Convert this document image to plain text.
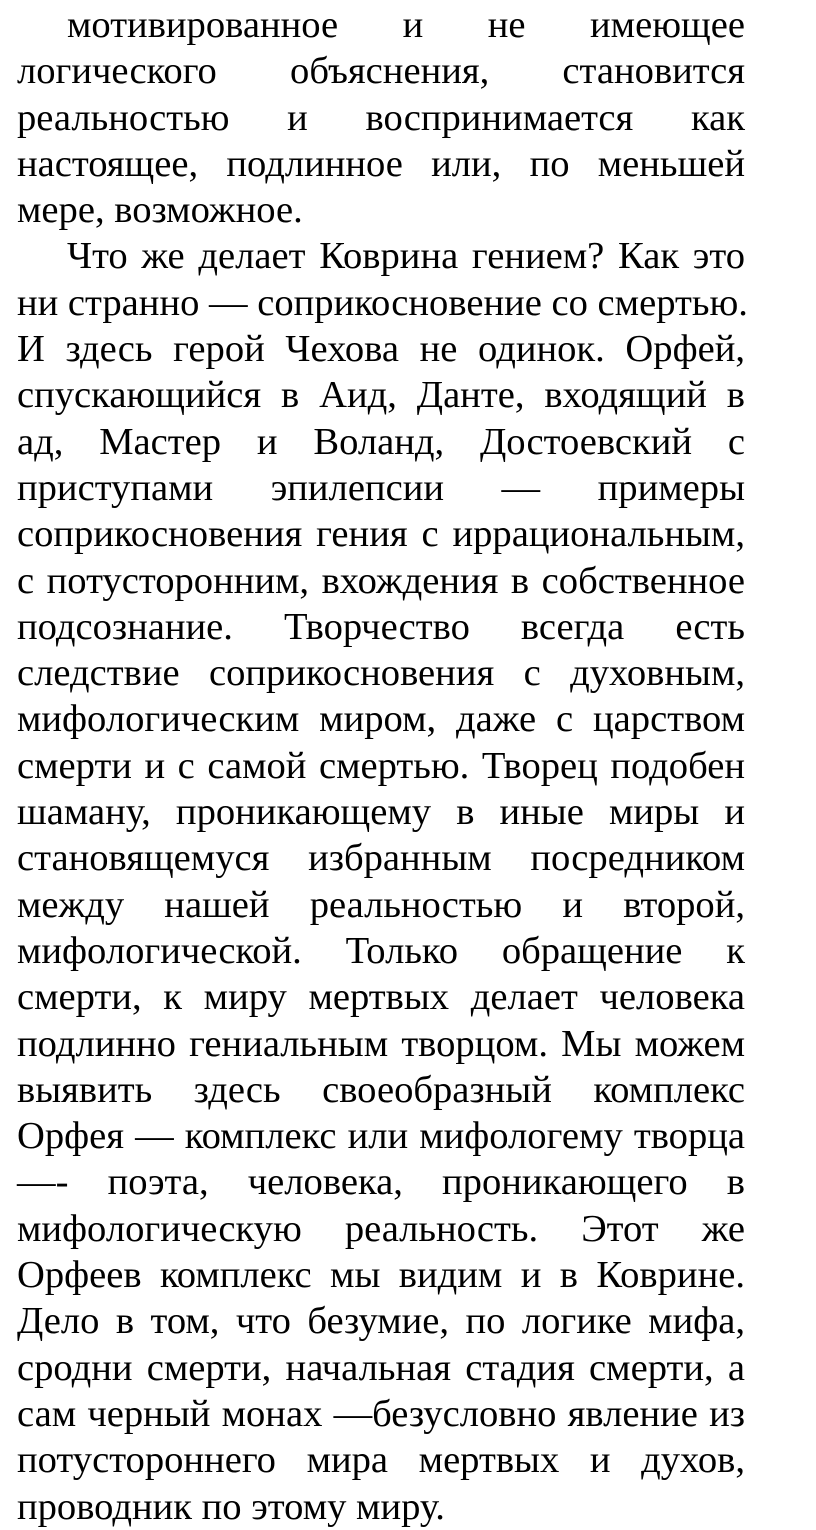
мотивированное и не имеющее
логического объяснения, становится
реальностью и воспринимается как
настоящее, подлинное или, по меньшей
мере, возможное.
Что же делает Коврина гением? Как это
ни странно — соприкосновение со смертью.
И здесь герой Чехова не одинок. Орфей,
спускающийся в Аид, Данте, входящий в
ад, Мастер и Воланд, Достоевский с
приступами эпилепсии — примеры
соприкосновения гения с иррациональным,
с потусторонним, вхождения в собственное
подсознание. Творчество всегда есть
следствие соприкосновения с духовным,
мифологическим миром, даже с царством
смерти и с самой смертью. Творец подобен
шаману, проникающему в иные миры и
становящемуся избранным посредником
между нашей реальностью и второй,
мифологической. Только обращение к
смерти, к миру мертвых делает человека
подлинно гениальным творцом. Мы можем
выявить здесь своеобразный комплекс
Орфея — комплекс или мифологему творца
—- поэта, человека, проникающего в
мифологическую реальность. Этот же
Орфеев комплекс мы видим и в Коврине.
Дело в том, что безумие, по логике мифа,
сродни смерти, начальная стадия смерти, а
сам черный монах —безусловно явление из
потустороннего мира мертвых и духов,
проводник по этому миру.
